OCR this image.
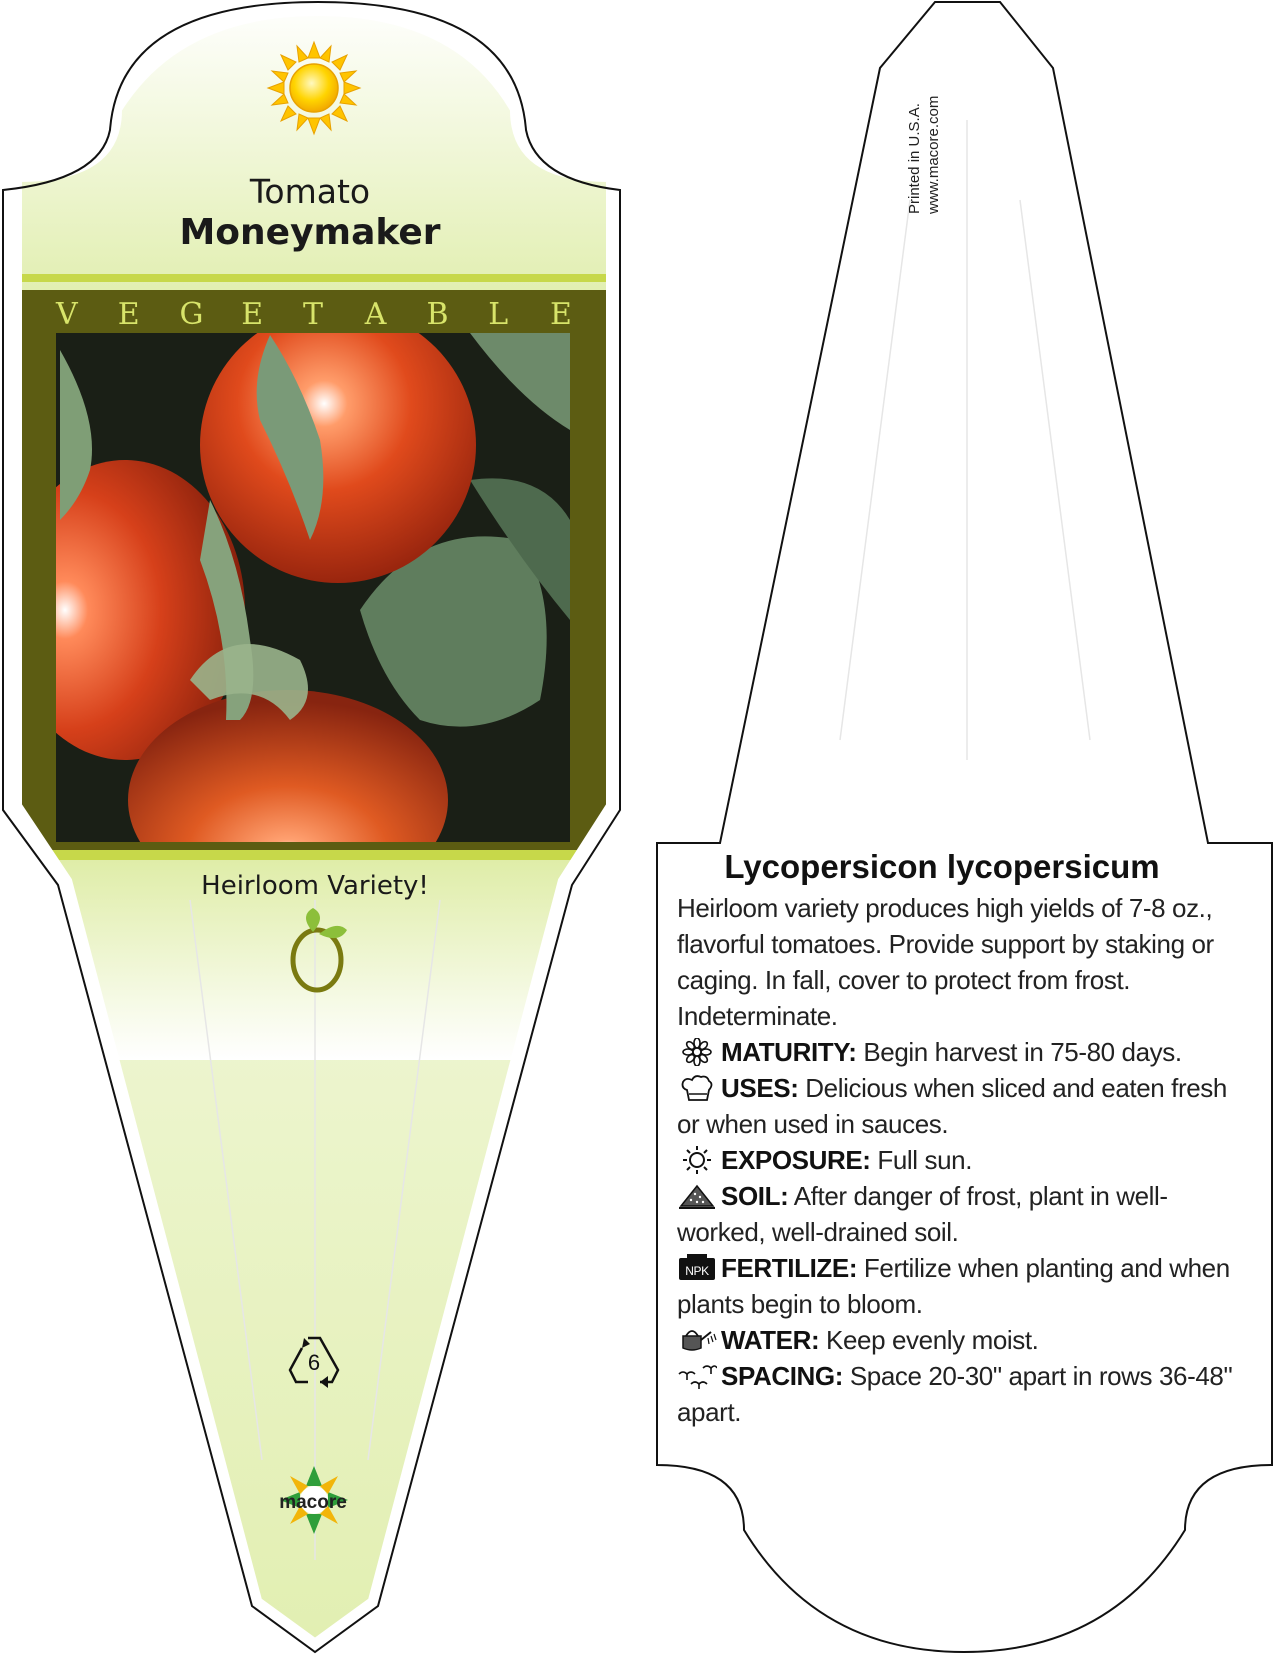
Tomato
Moneymaker
V E G E T A B L E
Heirloom Variety!
6
macore
Printed in U.S.A. www.macore.com
Lycopersicon lycopersicum
Heirloom variety produces high yields of 7-8 oz., flavorful tomatoes. Provide support by staking or caging. In fall, cover to protect from frost. Indeterminate.
MATURITY: Begin harvest in 75-80 days.
USES: Delicious when sliced and eaten fresh or when used in sauces.
EXPOSURE: Full sun.
SOIL: After danger of frost, plant in well-worked, well-drained soil.
NPK FERTILIZE: Fertilize when planting and when plants begin to bloom.
WATER: Keep evenly moist.
SPACING: Space 20-30" apart in rows 36-48" apart.
